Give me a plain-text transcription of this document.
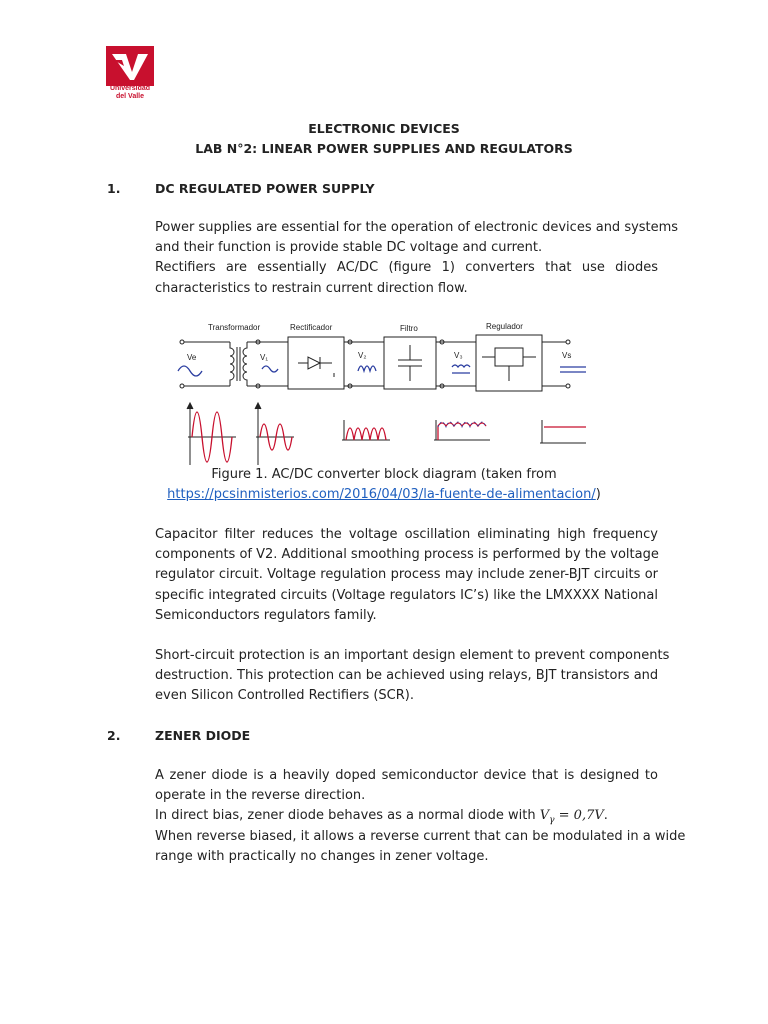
Universidad
del Valle
ELECTRONIC DEVICES
LAB N°2: LINEAR POWER SUPPLIES AND REGULATORS
1.	DC REGULATED POWER SUPPLY
Power supplies are essential for the operation of electronic devices and systems
and their function is provide stable DC voltage and current.
Rectifiers are essentially AC/DC (figure 1) converters that use diodes
characteristics to restrain current direction flow.
Transformador	Rectificador	Filtro	Regulador
Ve	V₁	V₂	V₃	Vs
Figure 1. AC/DC converter block diagram (taken from
https://pcsinmisterios.com/2016/04/03/la-fuente-de-alimentacion/)
Capacitor filter reduces the voltage oscillation eliminating high frequency
components of V2. Additional smoothing process is performed by the voltage
regulator circuit. Voltage regulation process may include zener-BJT circuits or
specific integrated circuits (Voltage regulators IC’s) like the LMXXXX National
Semiconductors regulators family.
Short-circuit protection is an important design element to prevent components
destruction. This protection can be achieved using relays, BJT transistors and
even Silicon Controlled Rectifiers (SCR).
2.	ZENER DIODE
A zener diode is a heavily doped semiconductor device that is designed to
operate in the reverse direction.
In direct bias, zener diode behaves as a normal diode with $V_\gamma = 0,7V$.
When reverse biased, it allows a reverse current that can be modulated in a wide
range with practically no changes in zener voltage.
